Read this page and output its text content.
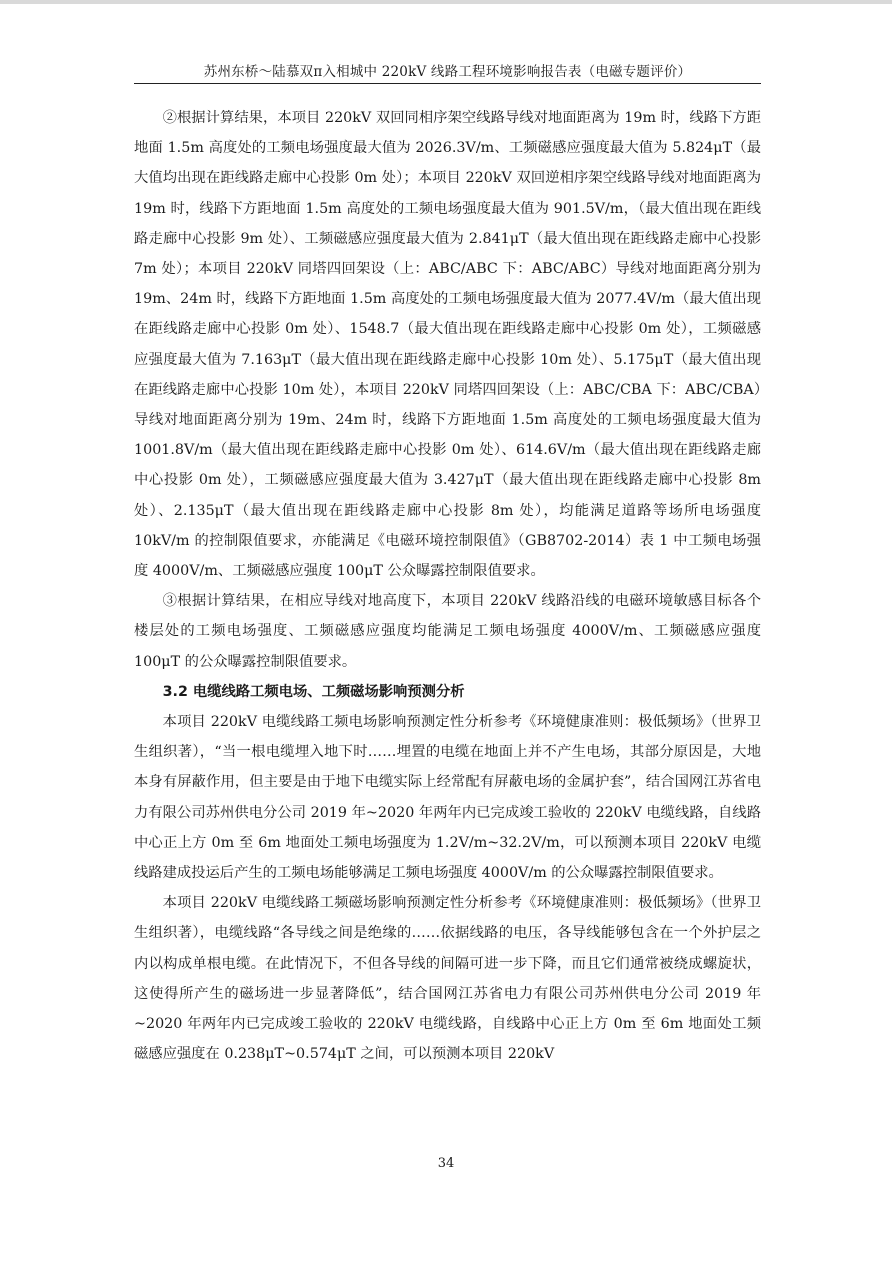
苏州东桥～陆慕双π入相城中 220kV 线路工程环境影响报告表（电磁专题评价）

②根据计算结果，本项目 220kV 双回同相序架空线路导线对地面距离为 19m 时，线路下方距地面 1.5m 高度处的工频电场强度最大值为 2026.3V/m、工频磁感应强度最大值为 5.824μT（最大值均出现在距线路走廊中心投影 0m 处）；本项目 220kV 双回逆相序架空线路导线对地面距离为 19m 时，线路下方距地面 1.5m 高度处的工频电场强度最大值为 901.5V/m，（最大值出现在距线路走廊中心投影 9m 处）、工频磁感应强度最大值为 2.841μT（最大值出现在距线路走廊中心投影 7m 处）；本项目 220kV 同塔四回架设（上：ABC/ABC 下：ABC/ABC）导线对地面距离分别为 19m、24m 时，线路下方距地面 1.5m 高度处的工频电场强度最大值为 2077.4V/m（最大值出现在距线路走廊中心投影 0m 处）、1548.7（最大值出现在距线路走廊中心投影 0m 处），工频磁感应强度最大值为 7.163μT（最大值出现在距线路走廊中心投影 10m 处）、5.175μT（最大值出现在距线路走廊中心投影 10m 处），本项目 220kV 同塔四回架设（上：ABC/CBA 下：ABC/CBA）导线对地面距离分别为 19m、24m 时，线路下方距地面 1.5m 高度处的工频电场强度最大值为 1001.8V/m（最大值出现在距线路走廊中心投影 0m 处）、614.6V/m（最大值出现在距线路走廊中心投影 0m 处），工频磁感应强度最大值为 3.427μT（最大值出现在距线路走廊中心投影 8m 处）、2.135μT（最大值出现在距线路走廊中心投影 8m 处），均能满足道路等场所电场强度 10kV/m 的控制限值要求，亦能满足《电磁环境控制限值》（GB8702-2014）表 1 中工频电场强度 4000V/m、工频磁感应强度 100μT 公众曝露控制限值要求。

③根据计算结果，在相应导线对地高度下，本项目 220kV 线路沿线的电磁环境敏感目标各个楼层处的工频电场强度、工频磁感应强度均能满足工频电场强度 4000V/m、工频磁感应强度 100μT 的公众曝露控制限值要求。

3.2 电缆线路工频电场、工频磁场影响预测分析

本项目 220kV 电缆线路工频电场影响预测定性分析参考《环境健康准则：极低频场》（世界卫生组织著），“当一根电缆埋入地下时……埋置的电缆在地面上并不产生电场，其部分原因是，大地本身有屏蔽作用，但主要是由于地下电缆实际上经常配有屏蔽电场的金属护套”，结合国网江苏省电力有限公司苏州供电分公司 2019 年~2020 年两年内已完成竣工验收的 220kV 电缆线路，自线路中心正上方 0m 至 6m 地面处工频电场强度为 1.2V/m~32.2V/m，可以预测本项目 220kV 电缆线路建成投运后产生的工频电场能够满足工频电场强度 4000V/m 的公众曝露控制限值要求。

本项目 220kV 电缆线路工频磁场影响预测定性分析参考《环境健康准则：极低频场》（世界卫生组织著），电缆线路“各导线之间是绝缘的……依据线路的电压，各导线能够包含在一个外护层之内以构成单根电缆。在此情况下，不但各导线的间隔可进一步下降，而且它们通常被绕成螺旋状，这使得所产生的磁场进一步显著降低”，结合国网江苏省电力有限公司苏州供电分公司 2019 年~2020 年两年内已完成竣工验收的 220kV 电缆线路，自线路中心正上方 0m 至 6m 地面处工频磁感应强度在 0.238μT~0.574μT 之间，可以预测本项目 220kV

34
